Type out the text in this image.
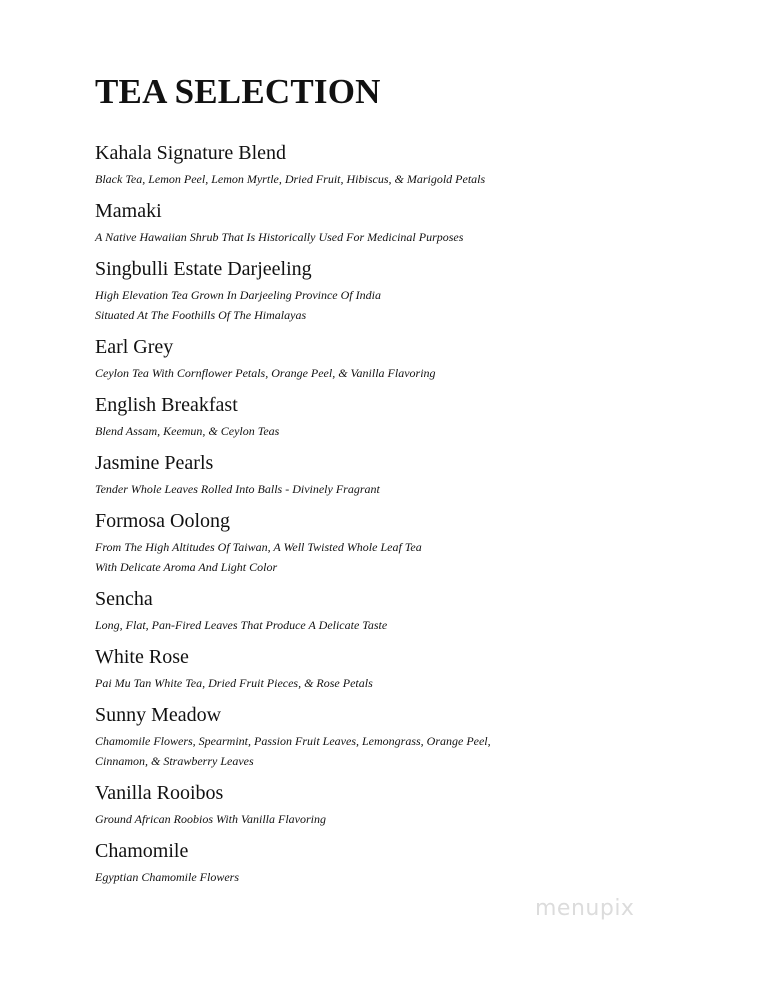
TEA SELECTION
Kahala Signature Blend
Black Tea, Lemon Peel, Lemon Myrtle, Dried Fruit, Hibiscus, & Marigold Petals
Mamaki
A Native Hawaiian Shrub That Is Historically Used For Medicinal Purposes
Singbulli Estate Darjeeling
High Elevation Tea Grown In Darjeeling Province Of India
Situated At The Foothills Of The Himalayas
Earl Grey
Ceylon Tea With Cornflower Petals, Orange Peel, & Vanilla Flavoring
English Breakfast
Blend Assam, Keemun, & Ceylon Teas
Jasmine Pearls
Tender Whole Leaves Rolled Into Balls - Divinely Fragrant
Formosa Oolong
From The High Altitudes Of Taiwan, A Well Twisted Whole Leaf Tea
With Delicate Aroma And Light Color
Sencha
Long, Flat, Pan-Fired Leaves That Produce A Delicate Taste
White Rose
Pai Mu Tan White Tea, Dried Fruit Pieces, & Rose Petals
Sunny Meadow
Chamomile Flowers, Spearmint, Passion Fruit Leaves, Lemongrass, Orange Peel,
Cinnamon, & Strawberry Leaves
Vanilla Rooibos
Ground African Roobios With Vanilla Flavoring
Chamomile
Egyptian Chamomile Flowers
menupix
